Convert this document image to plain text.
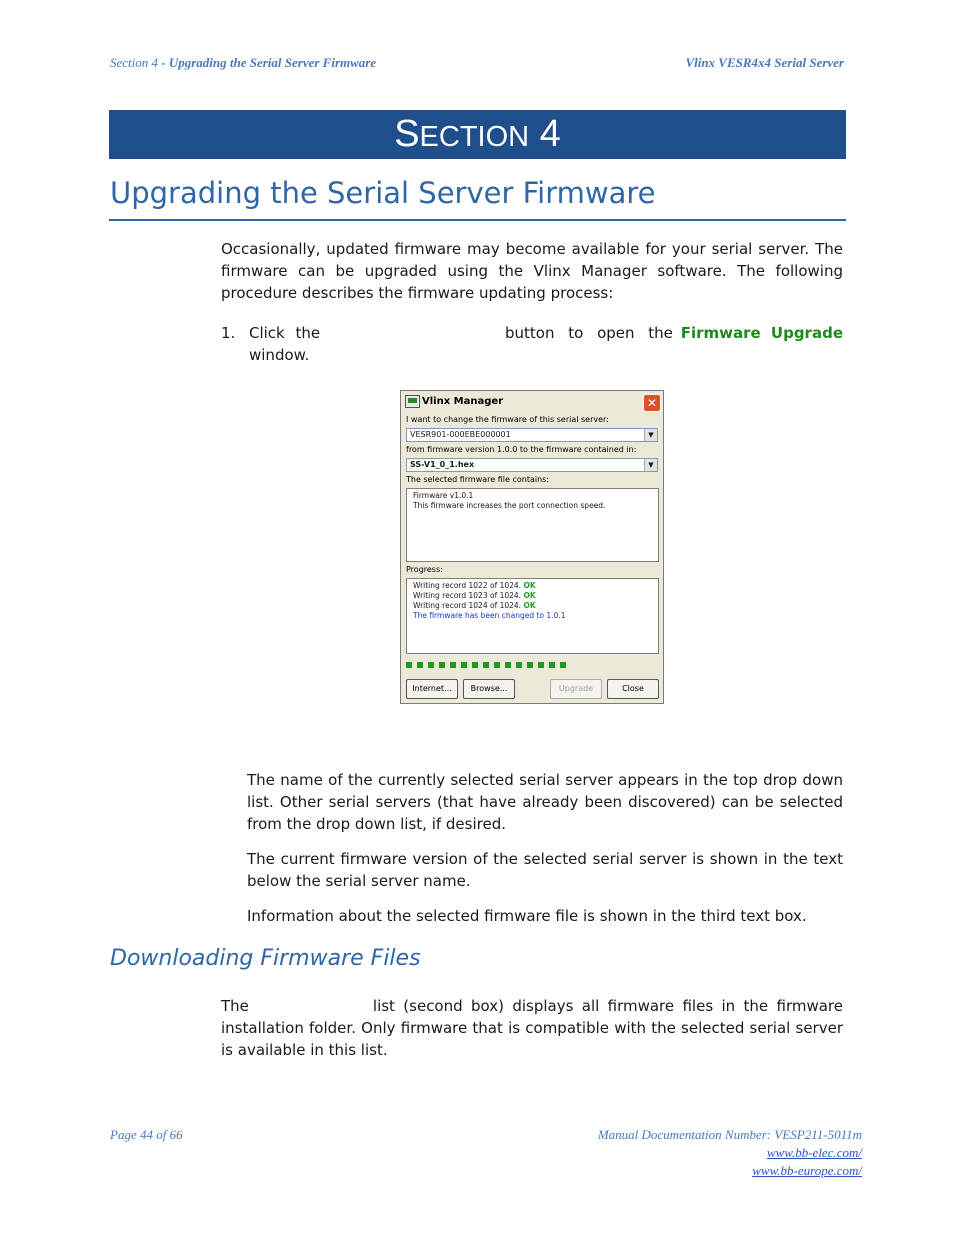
Section 4 - Upgrading the Serial Server Firmware	Vlinx VESR4x4 Serial Server
SECTION 4
Upgrading the Serial Server Firmware
Occasionally, updated firmware may become available for your serial server. The firmware can be upgraded using the Vlinx Manager software. The following procedure describes the firmware updating process:
1. Click the	button to open the Firmware Upgrade
window.
Vlinx Manager	✕
I want to change the firmware of this serial server:
VESR901-000EBE000001	▼
from firmware version 1.0.0 to the firmware contained in:
SS-V1_0_1.hex	▼
The selected firmware file contains:
Firmware v1.0.1
This firmware increases the port connection speed.
Progress:
Writing record 1022 of 1024. OK
Writing record 1023 of 1024. OK
Writing record 1024 of 1024. OK
The firmware has been changed to 1.0.1
Internet...	Browse...	Upgrade	Close
The name of the currently selected serial server appears in the top drop down list. Other serial servers (that have already been discovered) can be selected from the drop down list, if desired.
The current firmware version of the selected serial server is shown in the text below the serial server name.
Information about the selected firmware file is shown in the third text box.
Downloading Firmware Files
The	list (second box) displays all firmware files in the firmware installation folder. Only firmware that is compatible with the selected serial server is available in this list.
Page 44 of 66	Manual Documentation Number: VESP211-5011m
www.bb-elec.com/
www.bb-europe.com/
